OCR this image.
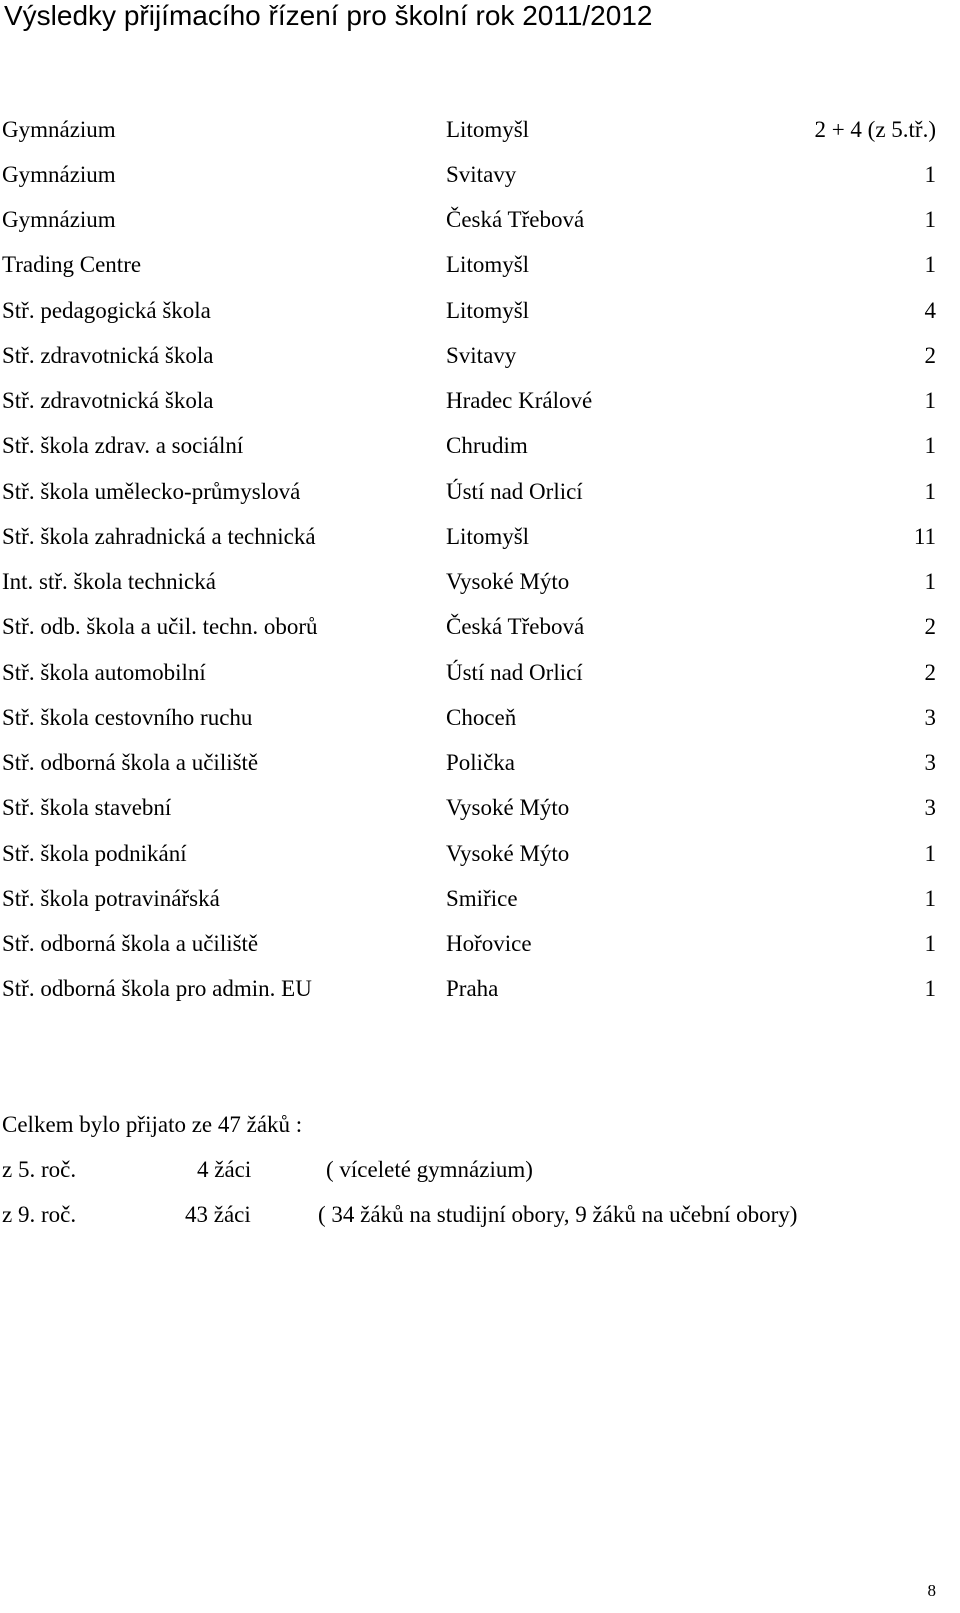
Výsledky přijímacího řízení pro školní rok 2011/2012
Gymnázium	Litomyšl	2 + 4 (z 5.tř.)
Gymnázium	Svitavy	1
Gymnázium	Česká Třebová	1
Trading Centre	Litomyšl	1
Stř. pedagogická škola	Litomyšl	4
Stř. zdravotnická škola	Svitavy	2
Stř. zdravotnická škola	Hradec Králové	1
Stř. škola zdrav. a sociální	Chrudim	1
Stř. škola umělecko-průmyslová	Ústí nad Orlicí	1
Stř. škola zahradnická a technická	Litomyšl	11
Int. stř. škola technická	Vysoké Mýto	1
Stř. odb. škola a učil. techn. oborů	Česká Třebová	2
Stř. škola automobilní	Ústí nad Orlicí	2
Stř. škola cestovního ruchu	Choceň	3
Stř. odborná škola a učiliště	Polička	3
Stř. škola stavební	Vysoké Mýto	3
Stř. škola podnikání	Vysoké Mýto	1
Stř. škola potravinářská	Smiřice	1
Stř. odborná škola a učiliště	Hořovice	1
Stř. odborná škola pro admin. EU	Praha	1
Celkem bylo přijato ze 47 žáků :
z 5. roč.	4 žáci	( víceleté gymnázium)
z 9. roč.	43 žáci	( 34 žáků na studijní obory, 9 žáků na učební obory)
8
